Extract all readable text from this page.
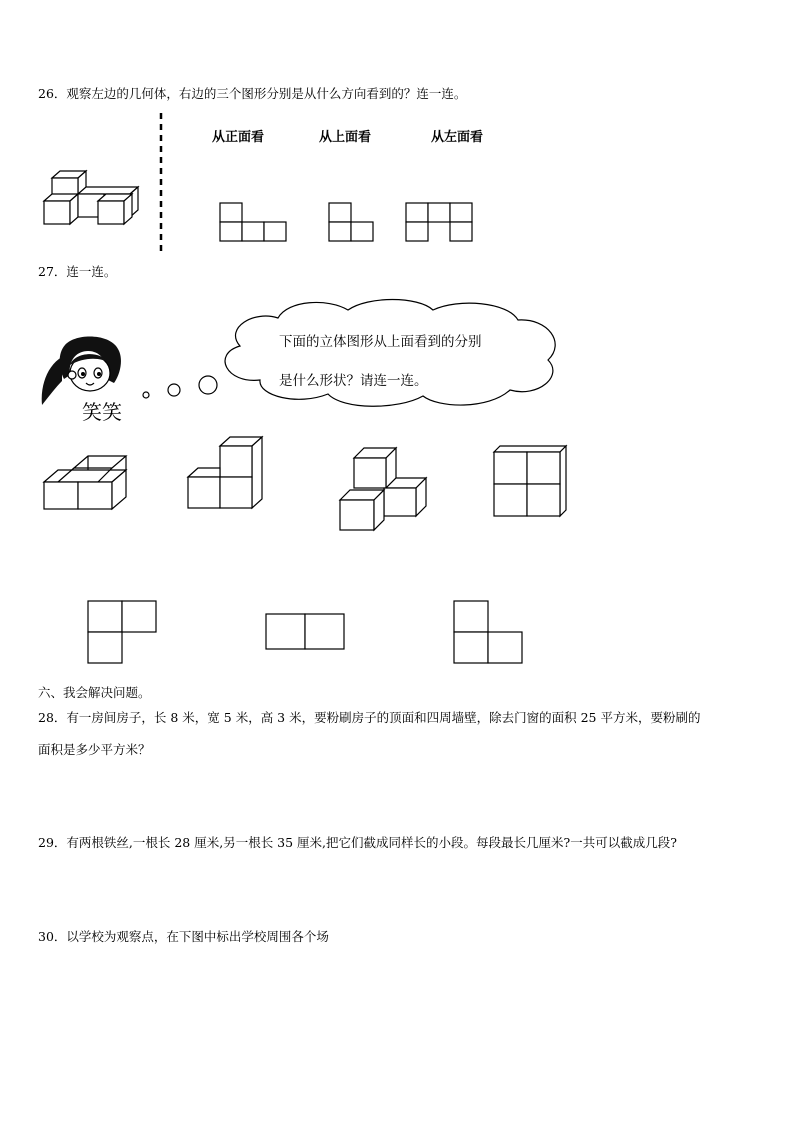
26．观察左边的几何体，右边的三个图形分别是从什么方向看到的？连一连。
从正面看	从上面看	从左面看
27．连一连。
下面的立体图形从上面看到的分别
是什么形状？请连一连。
笑笑
六、我会解决问题。
28．有一房间房子，长 8 米，宽 5 米，高 3 米，要粉刷房子的顶面和四周墙壁，除去门窗的面积 25 平方米，要粉刷的
面积是多少平方米？
29．有两根铁丝,一根长 28 厘米,另一根长 35 厘米,把它们截成同样长的小段。每段最长几厘米?一共可以截成几段?
30．以学校为观察点，在下图中标出学校周围各个场
